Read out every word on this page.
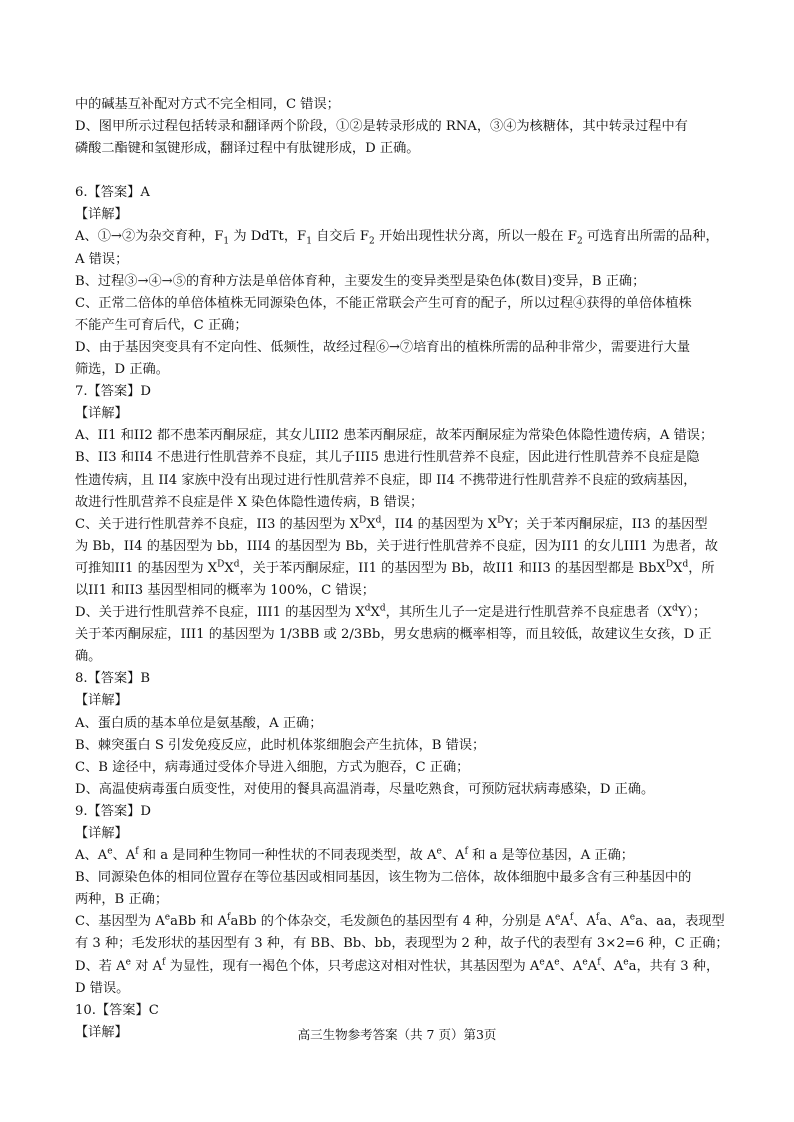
中的碱基互补配对方式不完全相同，C 错误；

D、图甲所示过程包括转录和翻译两个阶段，①②是转录形成的 RNA，③④为核糖体，其中转录过程中有

磷酸二酯键和氢键形成，翻译过程中有肽键形成，D 正确。

6.【答案】A

【详解】

A、①→②为杂交育种，$F_1$ 为 DdTt，$F_1$ 自交后 $F_2$ 开始出现性状分离，所以一般在 $F_2$ 可选育出所需的品种，

A 错误；

B、过程③→④→⑤的育种方法是单倍体育种，主要发生的变异类型是染色体(数目)变异，B 正确；

C、正常二倍体的单倍体植株无同源染色体，不能正常联会产生可育的配子，所以过程④获得的单倍体植株

不能产生可育后代，C 正确；

D、由于基因突变具有不定向性、低频性，故经过程⑥→⑦培育出的植株所需的品种非常少，需要进行大量

筛选，D 正确。

7.【答案】D

【详解】

A、II1 和II2 都不患苯丙酮尿症，其女儿III2 患苯丙酮尿症，故苯丙酮尿症为常染色体隐性遗传病，A 错误；

B、II3 和II4 不患进行性肌营养不良症，其儿子III5 患进行性肌营养不良症，因此进行性肌营养不良症是隐

性遗传病，且 II4 家族中没有出现过进行性肌营养不良症，即 II4 不携带进行性肌营养不良症的致病基因，

故进行性肌营养不良症是伴 X 染色体隐性遗传病，B 错误；

C、关于进行性肌营养不良症，II3 的基因型为 $X^DX^d$，II4 的基因型为 $X^DY$；关于苯丙酮尿症，II3 的基因型

为 Bb，II4 的基因型为 bb，III4 的基因型为 Bb，关于进行性肌营养不良症，因为II1 的女儿III1 为患者，故

可推知II1 的基因型为 $X^DX^d$，关于苯丙酮尿症，II1 的基因型为 Bb，故II1 和II3 的基因型都是 $BbX^DX^d$，所

以II1 和II3 基因型相同的概率为 100%，C 错误；

D、关于进行性肌营养不良症，III1 的基因型为 $X^dX^d$，其所生儿子一定是进行性肌营养不良症患者$(X^dY)$；

关于苯丙酮尿症，III1 的基因型为 1/3BB 或 2/3Bb，男女患病的概率相等，而且较低，故建议生女孩，D 正

确。

8.【答案】B

【详解】

A、蛋白质的基本单位是氨基酸，A 正确；

B、棘突蛋白 S 引发免疫反应，此时机体浆细胞会产生抗体，B 错误；

C、B 途径中，病毒通过受体介导进入细胞，方式为胞吞，C 正确；

D、高温使病毒蛋白质变性，对使用的餐具高温消毒，尽量吃熟食，可预防冠状病毒感染，D 正确。

9.【答案】D

【详解】

A、$A^e$、$A^f$ 和 a 是同种生物同一种性状的不同表现类型，故 $A^e$、$A^f$ 和 a 是等位基因，A 正确；

B、同源染色体的相同位置存在等位基因或相同基因，该生物为二倍体，故体细胞中最多含有三种基因中的

两种，B 正确；

C、基因型为 $A^eaBb$ 和 $A^faBb$ 的个体杂交，毛发颜色的基因型有 4 种，分别是 $A^eA^f$、$A^fa$、$A^ea$、aa，表现型

有 3 种；毛发形状的基因型有 3 种，有 BB、Bb、bb，表现型为 2 种，故子代的表型有 3×2=6 种，C 正确；

D、若 $A^e$ 对 $A^f$ 为显性，现有一褐色个体，只考虑这对相对性状，其基因型为 $A^eA^e$、$A^eA^f$、$A^ea$，共有 3 种，

D 错误。

10.【答案】C

【详解】	高三生物参考答案（共 7 页）第3页
